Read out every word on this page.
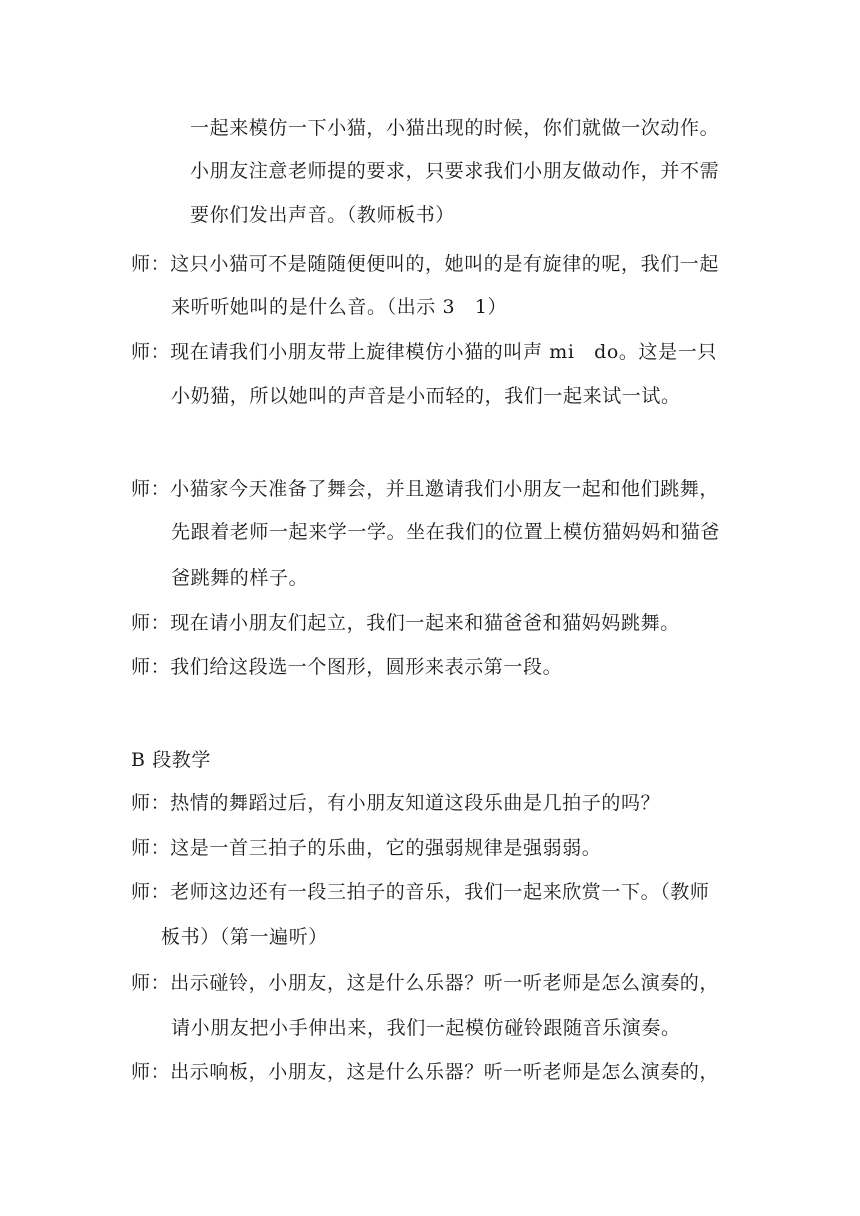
一起来模仿一下小猫，小猫出现的时候，你们就做一次动作。
小朋友注意老师提的要求，只要求我们小朋友做动作，并不需
要你们发出声音。（教师板书）
师：这只小猫可不是随随便便叫的，她叫的是有旋律的呢，我们一起
来听听她叫的是什么音。（出示 3　1）
师：现在请我们小朋友带上旋律模仿小猫的叫声 mi　do。这是一只
小奶猫，所以她叫的声音是小而轻的，我们一起来试一试。
师：小猫家今天准备了舞会，并且邀请我们小朋友一起和他们跳舞，
先跟着老师一起来学一学。坐在我们的位置上模仿猫妈妈和猫爸
爸跳舞的样子。
师：现在请小朋友们起立，我们一起来和猫爸爸和猫妈妈跳舞。
师：我们给这段选一个图形，圆形来表示第一段。
B 段教学
师：热情的舞蹈过后，有小朋友知道这段乐曲是几拍子的吗？
师：这是一首三拍子的乐曲，它的强弱规律是强弱弱。
师：老师这边还有一段三拍子的音乐，我们一起来欣赏一下。（教师
板书）（第一遍听）
师：出示碰铃，小朋友，这是什么乐器？听一听老师是怎么演奏的，
请小朋友把小手伸出来，我们一起模仿碰铃跟随音乐演奏。
师：出示响板，小朋友，这是什么乐器？听一听老师是怎么演奏的，
